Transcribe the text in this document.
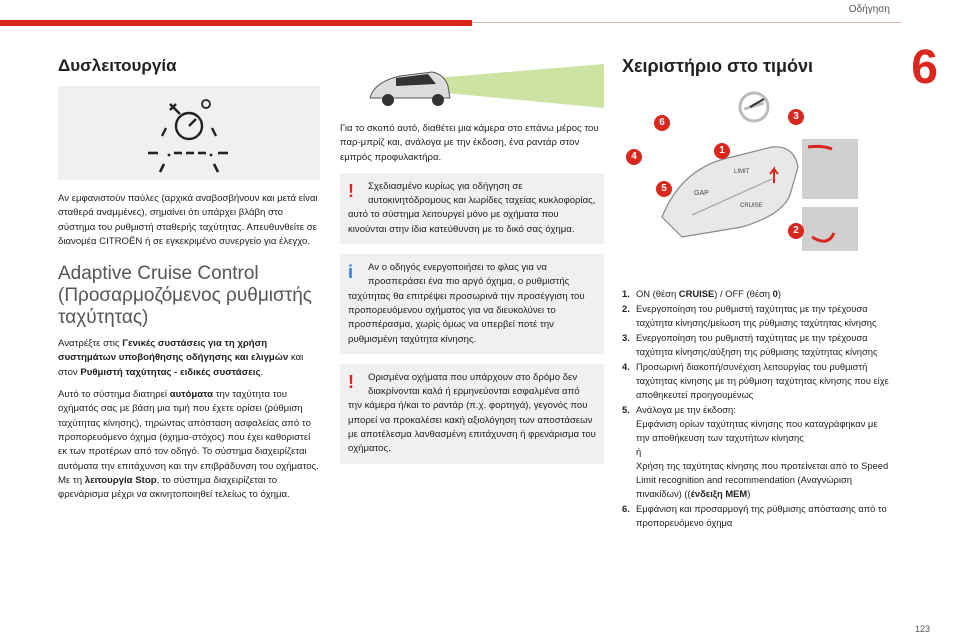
Οδήγηση
6
123
Δυσλειτουργία

Αν εμφανιστούν παύλες (αρχικά αναβοσβήνουν και μετά είναι σταθερά αναμμένες), σημαίνει ότι υπάρχει βλάβη στο σύστημα του ρυθμιστή σταθερής ταχύτητας. Απευθυνθείτε σε διανομέα CITROËN ή σε εγκεκριμένο συνεργείο για έλεγχο.

Adaptive Cruise Control
(Προσαρμοζόμενος ρυθμιστής ταχύτητας)

Ανατρέξτε στις Γενικές συστάσεις για τη χρήση συστημάτων υποβοήθησης οδήγησης και ελιγμών και στον Ρυθμιστή ταχύτητας - ειδικές συστάσεις.

Αυτό το σύστημα διατηρεί αυτόματα την ταχύτητα του οχήματός σας με βάση μια τιμή που έχετε ορίσει (ρύθμιση ταχύτητας κίνησης), τηρώντας απόσταση ασφαλείας από το προπορευόμενο όχημα (όχημα-στόχος) που έχει καθοριστεί εκ των προτέρων από τον οδηγό. Το σύστημα διαχειρίζεται αυτόματα την επιτάχυνση και την επιβράδυνση του οχήματος.

Με τη λειτουργία Stop, το σύστημα διαχειρίζεται το φρενάρισμα μέχρι να ακινητοποιηθεί τελείως το όχημα.

Για το σκοπό αυτό, διαθέτει μια κάμερα στο επάνω μέρος του παρ-μπρίζ και, ανάλογα με την έκδοση, ένα ραντάρ στον εμπρός προφυλακτήρα.

!	Σχεδιασμένο κυρίως για οδήγηση σε αυτοκινητόδρομους και λωρίδες ταχείας κυκλοφορίας, αυτό το σύστημα λειτουργεί μόνο με οχήματα που κινούνται στην ίδια κατεύθυνση με το δικό σας όχημα.

i	Αν ο οδηγός ενεργοποιήσει το φλας για να προσπεράσει ένα πιο αργό όχημα, ο ρυθμιστής ταχύτητας θα επιτρέψει προσωρινά την προσέγγιση του προπορευόμενου οχήματος για να διευκολύνει το προσπέρασμα, χωρίς όμως να υπερβεί ποτέ την ρυθμισμένη ταχύτητα κίνησης.

!	Ορισμένα οχήματα που υπάρχουν στο δρόμο δεν διακρίνονται καλά ή ερμηνεύονται εσφαλμένα από την κάμερα ή/και το ραντάρ (π.χ. φορτηγά), γεγονός που μπορεί να προκαλέσει κακή αξιολόγηση των αποστάσεων με αποτέλεσμα λανθασμένη επιτάχυνση ή φρενάρισμα του οχήματος.

Χειριστήριο στο τιμόνι
GAP
LIMIT
CRUISE
6
3
4
1
5
2
1. ON (θέση CRUISE) / OFF (θέση 0)
2. Ενεργοποίηση του ρυθμιστή ταχύτητας με την τρέχουσα ταχύτητα κίνησης/μείωση της ρύθμισης ταχύτητας κίνησης
3. Ενεργοποίηση του ρυθμιστή ταχύτητας με την τρέχουσα ταχύτητα κίνησης/αύξηση της ρύθμισης ταχύτητας κίνησης
4. Προσωρινή διακοπή/συνέχιση λειτουργίας του ρυθμιστή ταχύτητας κίνησης με τη ρύθμιση ταχύτητας κίνησης που είχε αποθηκευτεί προηγουμένως
5. Ανάλογα με την έκδοση:
Εμφάνιση ορίων ταχύτητας κίνησης που καταγράφηκαν με την αποθήκευση των ταχυτήτων κίνησης
ή
Χρήση της ταχύτητας κίνησης που προτείνεται από το Speed Limit recognition and recommendation (Αναγνώριση πινακίδων) ((ένδειξη MEM)
6. Εμφάνιση και προσαρμογή της ρύθμισης απόστασης από το προπορευόμενο όχημα
